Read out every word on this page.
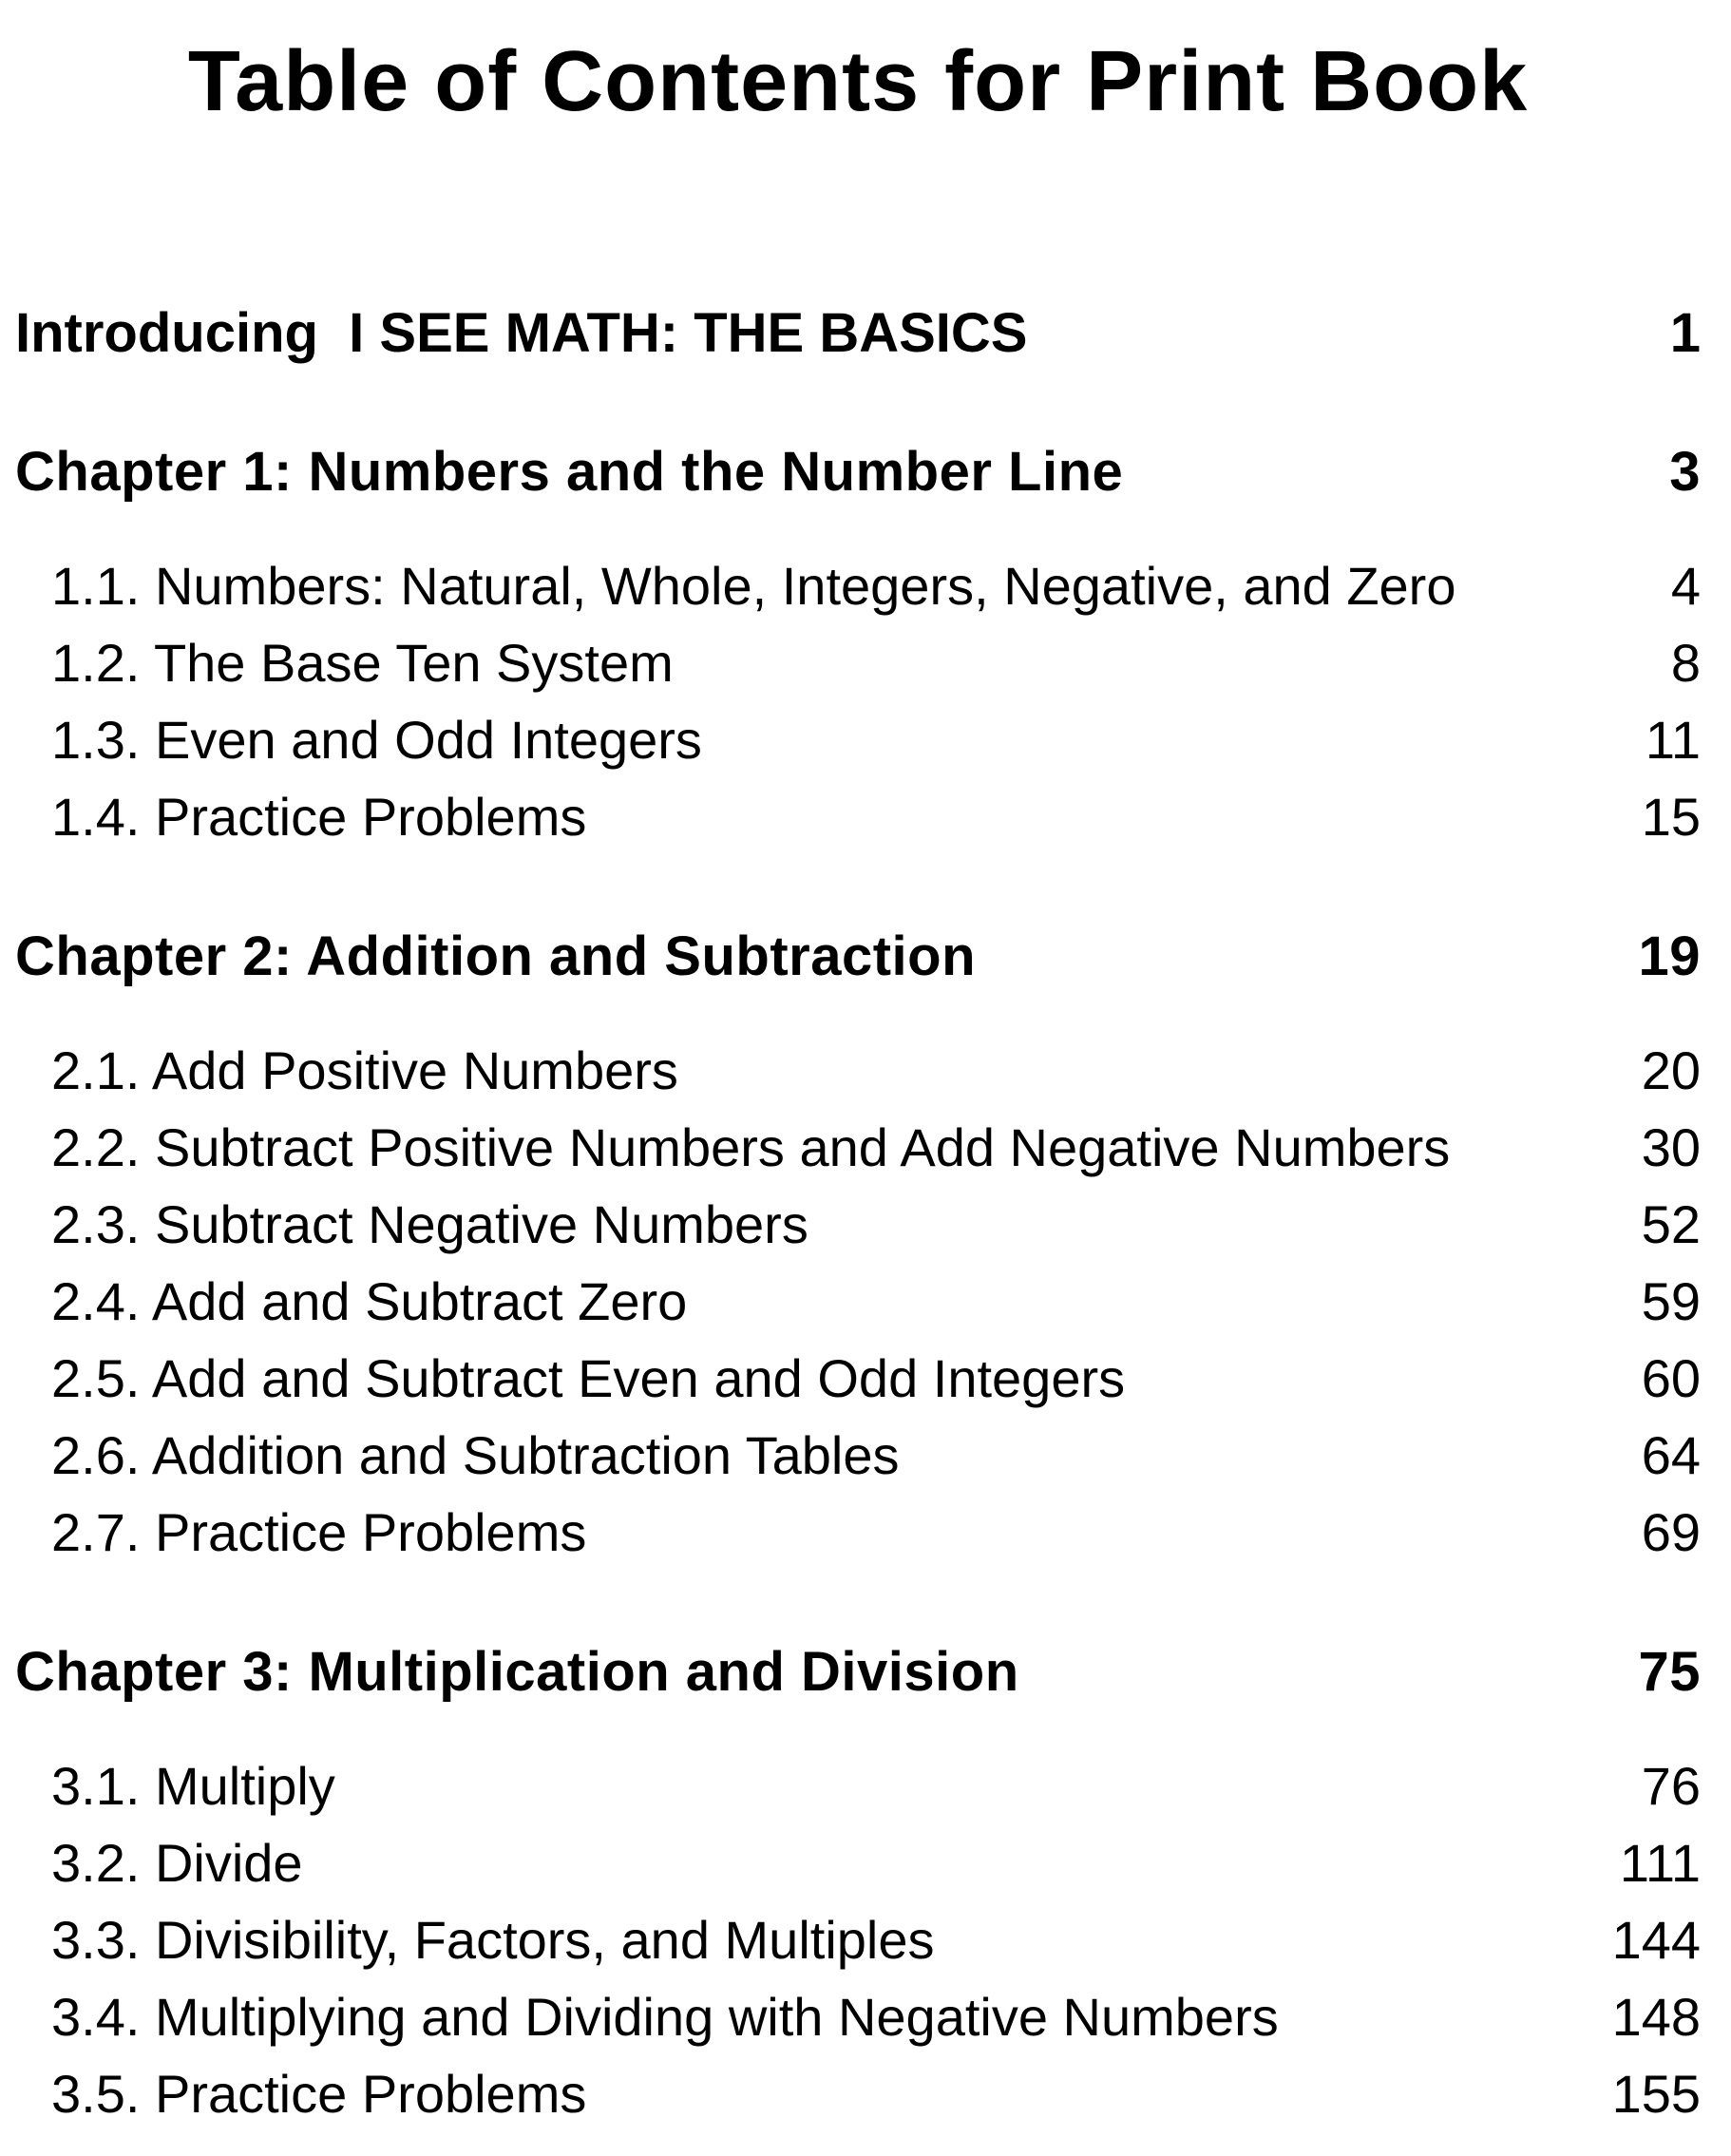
Table of Contents for Print Book
Introducing  I SEE MATH: THE BASICS	1
Chapter 1: Numbers and the Number Line	3
1.1. Numbers: Natural, Whole, Integers, Negative, and Zero	4
1.2. The Base Ten System	8
1.3. Even and Odd Integers	11
1.4. Practice Problems	15
Chapter 2: Addition and Subtraction	19
2.1. Add Positive Numbers	20
2.2. Subtract Positive Numbers and Add Negative Numbers	30
2.3. Subtract Negative Numbers	52
2.4. Add and Subtract Zero	59
2.5. Add and Subtract Even and Odd Integers	60
2.6. Addition and Subtraction Tables	64
2.7. Practice Problems	69
Chapter 3: Multiplication and Division	75
3.1. Multiply	76
3.2. Divide	111
3.3. Divisibility, Factors, and Multiples	144
3.4. Multiplying and Dividing with Negative Numbers	148
3.5. Practice Problems	155
